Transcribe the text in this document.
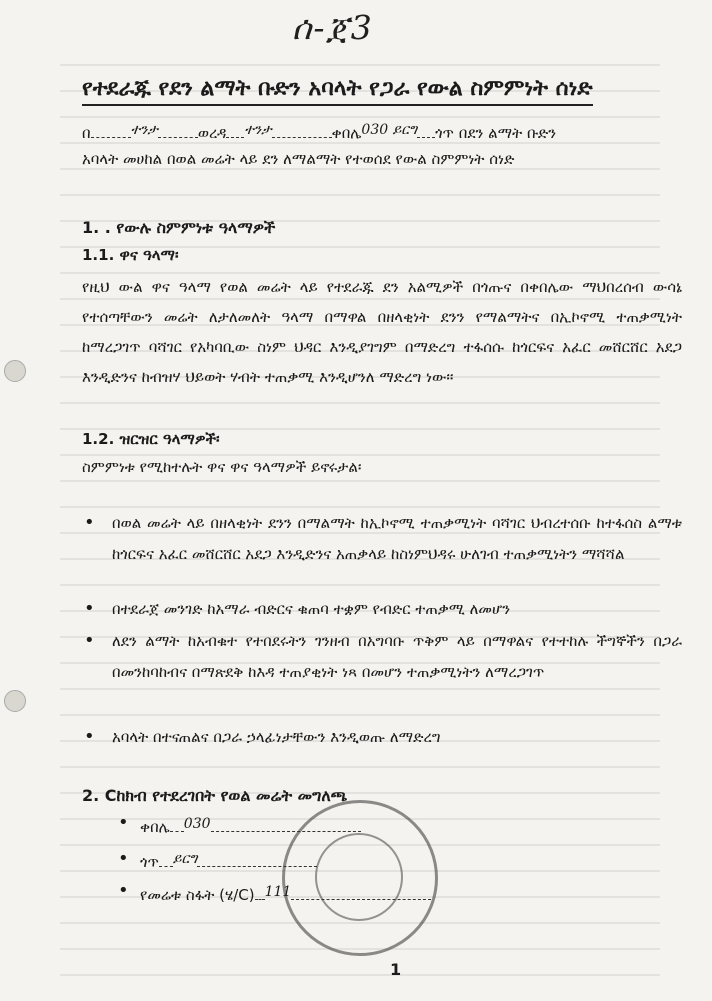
ሰ-ጀ3
የተደራጁ የደን ልማት ቡድን አባላት የጋራ የውል ስምምነት ሰነድ
በ	ተንታ	ወረዳ ተንታ	ቀበሌ030 ይርግ ጎጥ በደን ልማት ቡድን
አባላት መሀከል በወል መሬት ላይ ደን ለማልማት የተወሰደ የውል ስምምነት ሰነድ
1. . የውሉ ስምምነቱ ዓላማዎች
1.1. ዋና ዓላማ፡
የዚህ ውል ዋና ዓላማ የወል መሬት ላይ የተደራጁ ደን አልሚዎች በጎጡና በቀበሌው ማህበረሰብ ውሳኔ የተሰጣቸውን መሬት ለታለመለት ዓላማ በማዋል በዘላቂነት ደንን የማልማትና በኢኮኖሚ ተጠቃሚነት ከማረጋገጥ ባሻገር የአካባቢው ስነም ህዳር እንዲያገግም በማድረግ ተፋሰሱ ከጎርፍና አፈር መሸርሸር አደጋ እንዲድንና ከብዝሃ ህይወት ሃብት ተጠቃሚ እንዲሆንለ ማድረግ ነው፡፡
1.2. ዝርዝር ዓላማዎች፡
ስምምነቱ የሚከተሉት ዋና ዋና ዓላማዎች ይኖሩታል፡
• በወል መሬት ላይ በዘላቂነት ደንን በማልማት ከኢኮኖሚ ተጠቃሚነት ባሻገር ህብረተሰቡ ከተፋሰስ ልማቱ ከጎርፍና አፈር መሸርሸር አደጋ እንዲድንና አጠቃላይ ከስነምህዳሩ ሁለገብ ተጠቃሚነትን ማሻሻል
• በተደራጀ መንገድ ከአማራ ብድርና ቁጠባ ተቋም የብድር ተጠቃሚ ለመሆን
• ለደን ልማት ከአብቁተ የተበደሩትን ገንዘብ በአግባቡ ጥቅም ላይ በማዋልና የተተከሉ ችግኞችን በጋራ በመንከባከብና በማጽደቅ ከእዳ ተጠያቂነት ነጻ በመሆን ተጠቃሚነትን ለማረጋገጥ
• አባላት በተናጠልና በጋራ ኃላፊነታቸውን እንዲወጡ ለማድረግ
2. Cከክብ የተደረገበት የወል መሬት መግለጫ
• ቀበሌ 030
• ጎጥ ይርግ
• የመሬቱ ስፋት (ሄ/C) 111
1
